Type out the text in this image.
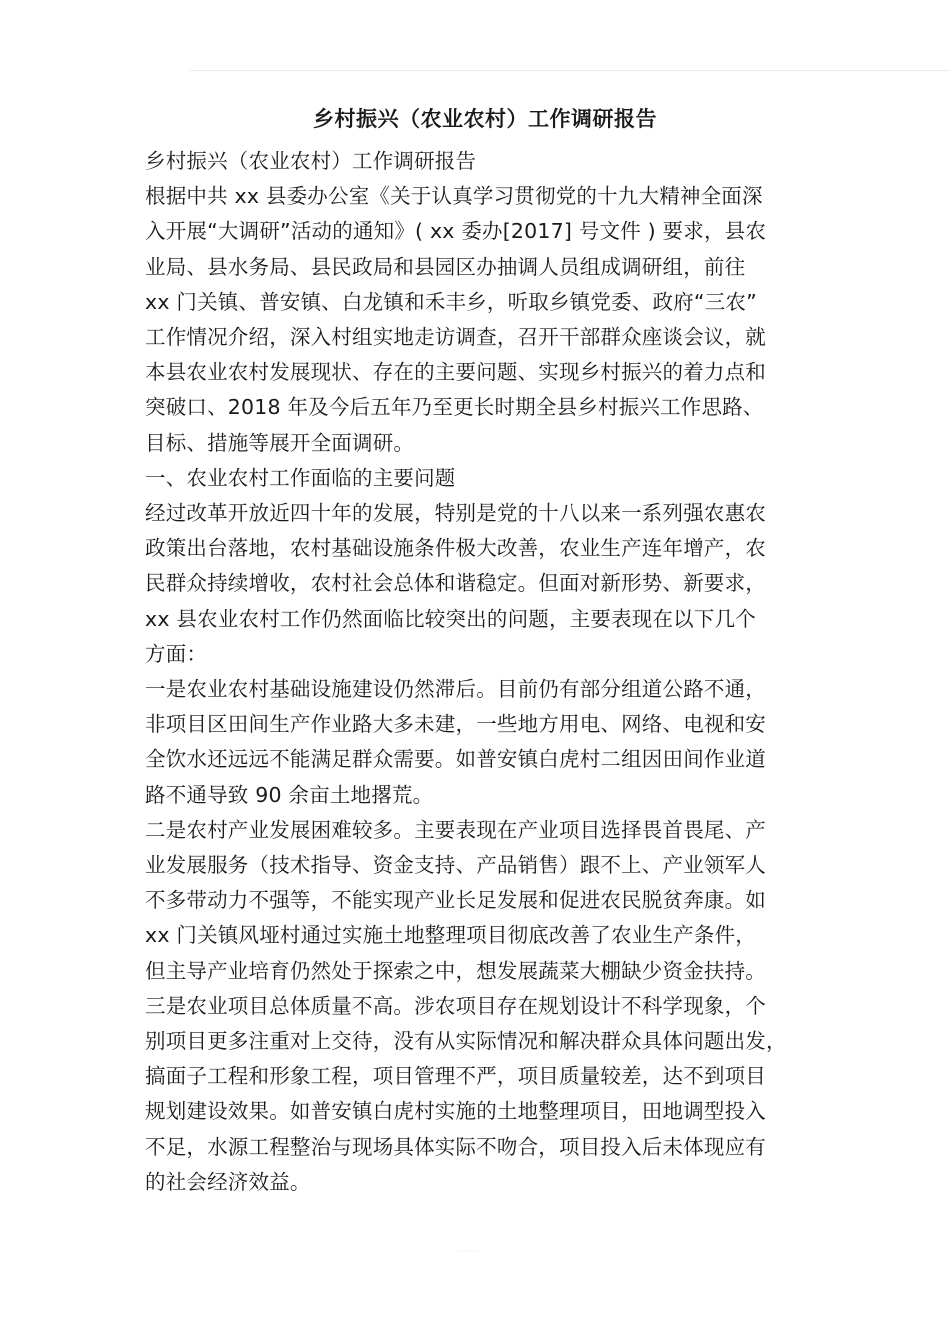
乡村振兴（农业农村）工作调研报告
乡村振兴（农业农村）工作调研报告
根据中共 xx 县委办公室《关于认真学习贯彻党的十九大精神全面深
入开展“大调研”活动的通知》( xx 委办[2017] 号文件 ) 要求，县农
业局、县水务局、县民政局和县园区办抽调人员组成调研组，前往
xx 门关镇、普安镇、白龙镇和禾丰乡，听取乡镇党委、政府“三农”
工作情况介绍，深入村组实地走访调查，召开干部群众座谈会议，就
本县农业农村发展现状、存在的主要问题、实现乡村振兴的着力点和
突破口、2018 年及今后五年乃至更长时期全县乡村振兴工作思路、
目标、措施等展开全面调研。
一、农业农村工作面临的主要问题
经过改革开放近四十年的发展，特别是党的十八以来一系列强农惠农
政策出台落地，农村基础设施条件极大改善，农业生产连年增产，农
民群众持续增收，农村社会总体和谐稳定。但面对新形势、新要求，
xx 县农业农村工作仍然面临比较突出的问题，主要表现在以下几个
方面：
一是农业农村基础设施建设仍然滞后。目前仍有部分组道公路不通，
非项目区田间生产作业路大多未建，一些地方用电、网络、电视和安
全饮水还远远不能满足群众需要。如普安镇白虎村二组因田间作业道
路不通导致 90 余亩土地撂荒。
二是农村产业发展困难较多。主要表现在产业项目选择畏首畏尾、产
业发展服务（技术指导、资金支持、产品销售）跟不上、产业领军人
不多带动力不强等，不能实现产业长足发展和促进农民脱贫奔康。如
xx 门关镇风垭村通过实施土地整理项目彻底改善了农业生产条件，
但主导产业培育仍然处于探索之中，想发展蔬菜大棚缺少资金扶持。
三是农业项目总体质量不高。涉农项目存在规划设计不科学现象，个
别项目更多注重对上交待，没有从实际情况和解决群众具体问题出发，
搞面子工程和形象工程，项目管理不严，项目质量较差，达不到项目
规划建设效果。如普安镇白虎村实施的土地整理项目，田地调型投入
不足，水源工程整治与现场具体实际不吻合，项目投入后未体现应有
的社会经济效益。
·······
